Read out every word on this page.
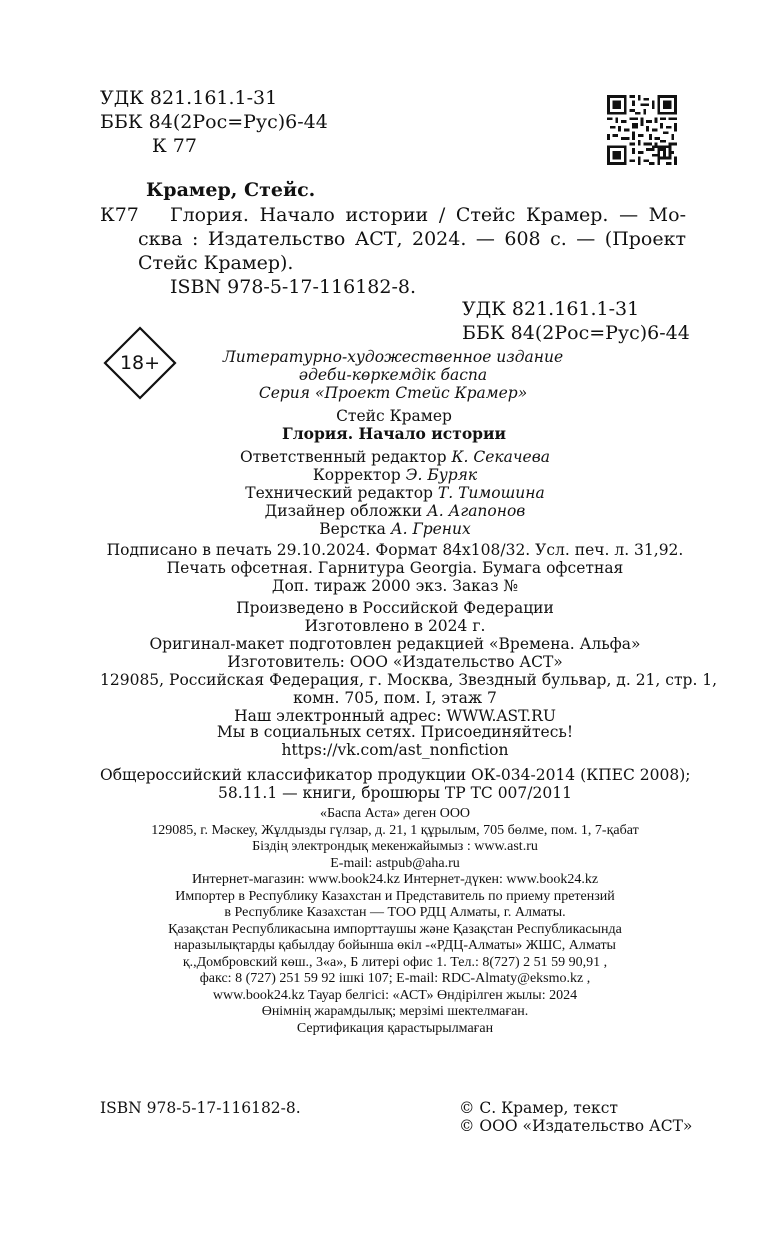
УДК 821.161.1-31
ББК 84(2Рос=Рус)6-44
К 77
Крамер, Стейс.
К77 Глория. Начало истории / Стейс Крамер. — Мо-
сква : Издательство АСТ, 2024. — 608 с. — (Проект
Стейс Крамер).
ISBN 978-5-17-116182-8.
УДК 821.161.1-31
ББК 84(2Рос=Рус)6-44
18+	Литературно-художественное издание
әдеби-көркемдік баспа
Серия «Проект Стейс Крамер»
Стейс Крамер
Глория. Начало истории
Ответственный редактор К. Секачева
Корректор Э. Буряк
Технический редактор Т. Тимошина
Дизайнер обложки А. Агапонов
Верстка А. Грених
Подписано в печать 29.10.2024. Формат 84x108/32. Усл. печ. л. 31,92.
Печать офсетная. Гарнитура Georgia. Бумага офсетная
Доп. тираж 2000 экз. Заказ №
Произведено в Российской Федерации
Изготовлено в 2024 г.
Оригинал-макет подготовлен редакцией «Времена. Альфа»
Изготовитель: ООО «Издательство АСТ»
129085, Российская Федерация, г. Москва, Звездный бульвар, д. 21, стр. 1,
комн. 705, пом. I, этаж 7
Наш электронный адрес: WWW.AST.RU
Мы в социальных сетях. Присоединяйтесь!
https://vk.com/ast_nonfiction
Общероссийский классификатор продукции ОК-034-2014 (КПЕС 2008);
58.11.1 — книги, брошюры ТР ТС 007/2011
«Баспа Аста» деген ООО
129085, г. Мәскеу, Жұлдызды гүлзар, д. 21, 1 құрылым, 705 бөлме, пом. 1, 7-қабат
Біздің электрондық мекенжайымыз : www.ast.ru
E-mail: astpub@aha.ru
Интернет-магазин: www.book24.kz Интернет-дүкен: www.book24.kz
Импортер в Республику Казахстан и Представитель по приему претензий
в Республике Казахстан — ТОО РДЦ Алматы, г. Алматы.
Қазақстан Республикасына импорттаушы және Қазақстан Республикасында
наразылықтарды қабылдау бойынша өкіл -«РДЦ-Алматы» ЖШС, Алматы
қ.,Домбровский көш., 3«а», Б литері офис 1. Тел.: 8(727) 2 51 59 90,91 ,
факс: 8 (727) 251 59 92 ішкі 107; E-mail: RDC-Almaty@eksmo.kz ,
www.book24.kz Тауар белгісі: «АСТ» Өндірілген жылы: 2024
Өнімнің жарамдылық; мерзімі шектелмаған.
Сертификация қарастырылмаған
ISBN 978-5-17-116182-8.	© С. Крамер, текст
© ООО «Издательство АСТ»
